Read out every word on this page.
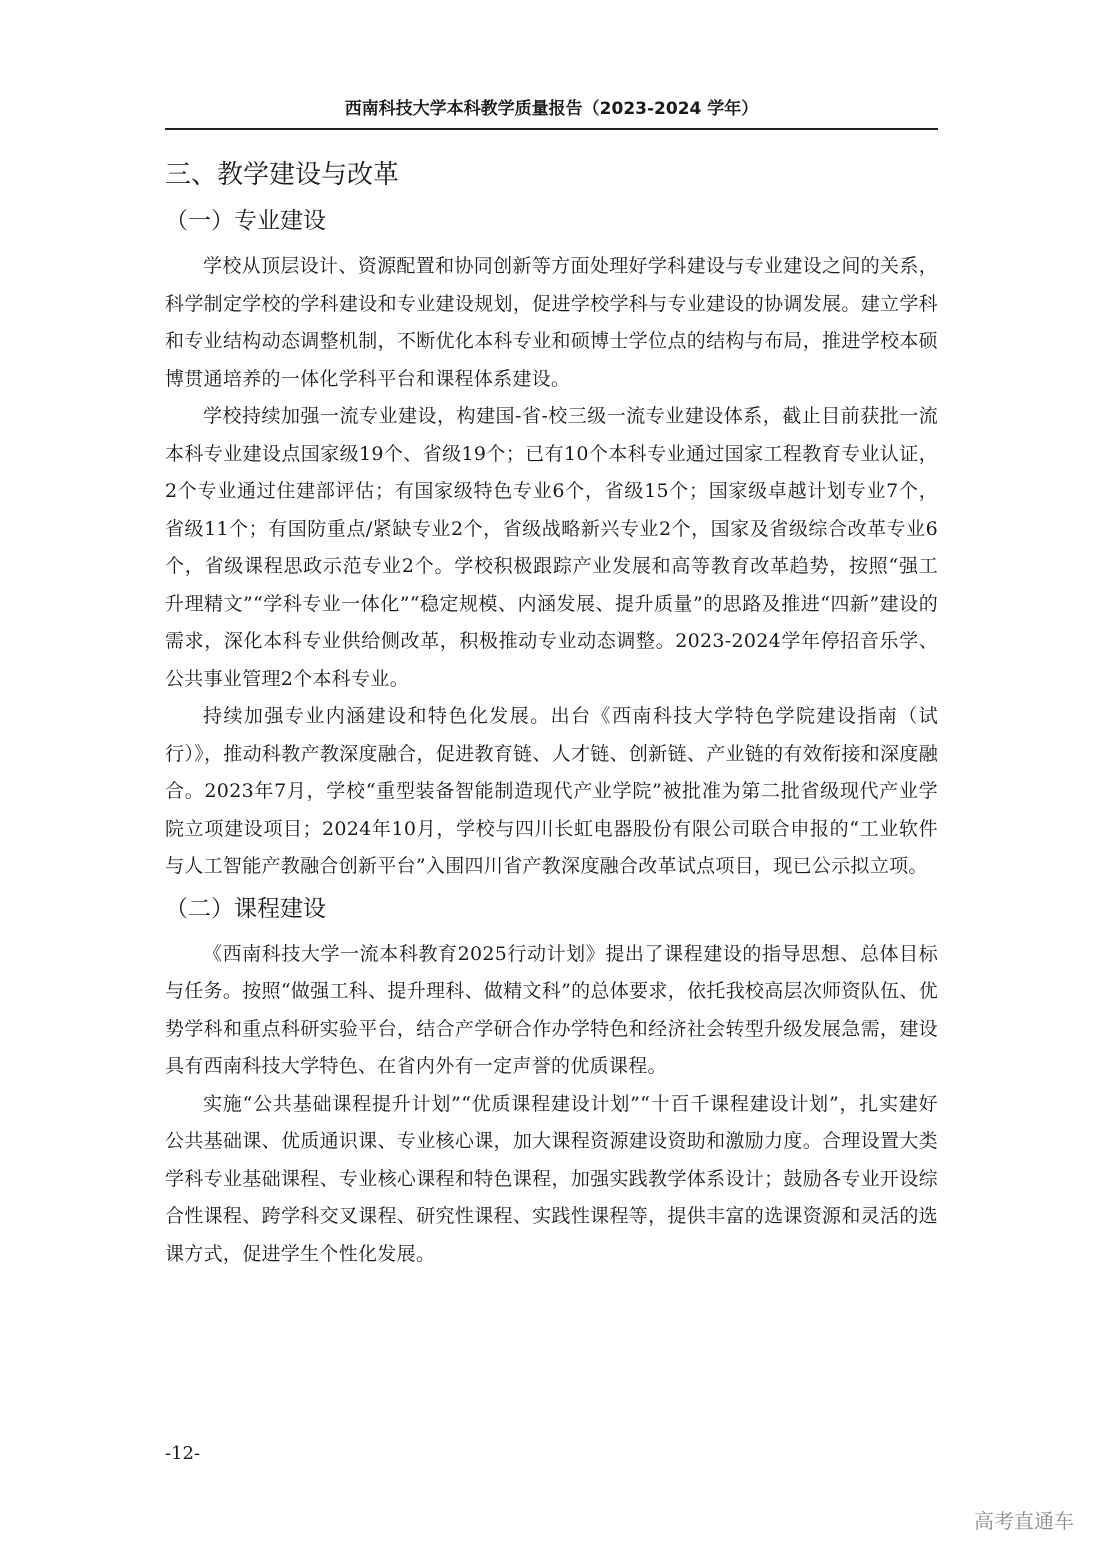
西南科技大学本科教学质量报告（2023-2024 学年）
三、教学建设与改革
（一）专业建设

学校从顶层设计、资源配置和协同创新等方面处理好学科建设与专业建设之间的关系，科学制定学校的学科建设和专业建设规划，促进学校学科与专业建设的协调发展。建立学科和专业结构动态调整机制，不断优化本科专业和硕博士学位点的结构与布局，推进学校本硕博贯通培养的一体化学科平台和课程体系建设。

学校持续加强一流专业建设，构建国-省-校三级一流专业建设体系，截止目前获批一流本科专业建设点国家级19个、省级19个；已有10个本科专业通过国家工程教育专业认证，2个专业通过住建部评估；有国家级特色专业6个，省级15个；国家级卓越计划专业7个，省级11个；有国防重点/紧缺专业2个，省级战略新兴专业2个，国家及省级综合改革专业6个，省级课程思政示范专业2个。学校积极跟踪产业发展和高等教育改革趋势，按照“强工升理精文”“学科专业一体化”“稳定规模、内涵发展、提升质量”的思路及推进“四新”建设的需求，深化本科专业供给侧改革，积极推动专业动态调整。2023-2024学年停招音乐学、公共事业管理2个本科专业。

持续加强专业内涵建设和特色化发展。出台《西南科技大学特色学院建设指南（试行）》，推动科教产教深度融合，促进教育链、人才链、创新链、产业链的有效衔接和深度融合。2023年7月，学校“重型装备智能制造现代产业学院”被批准为第二批省级现代产业学院立项建设项目；2024年10月，学校与四川长虹电器股份有限公司联合申报的“工业软件与人工智能产教融合创新平台”入围四川省产教深度融合改革试点项目，现已公示拟立项。

（二）课程建设

《西南科技大学一流本科教育2025行动计划》提出了课程建设的指导思想、总体目标与任务。按照“做强工科、提升理科、做精文科”的总体要求，依托我校高层次师资队伍、优势学科和重点科研实验平台，结合产学研合作办学特色和经济社会转型升级发展急需，建设具有西南科技大学特色、在省内外有一定声誉的优质课程。

实施“公共基础课程提升计划”“优质课程建设计划”“十百千课程建设计划”，扎实建好公共基础课、优质通识课、专业核心课，加大课程资源建设资助和激励力度。合理设置大类学科专业基础课程、专业核心课程和特色课程，加强实践教学体系设计；鼓励各专业开设综合性课程、跨学科交叉课程、研究性课程、实践性课程等，提供丰富的选课资源和灵活的选课方式，促进学生个性化发展。

-12-
高考直通车
